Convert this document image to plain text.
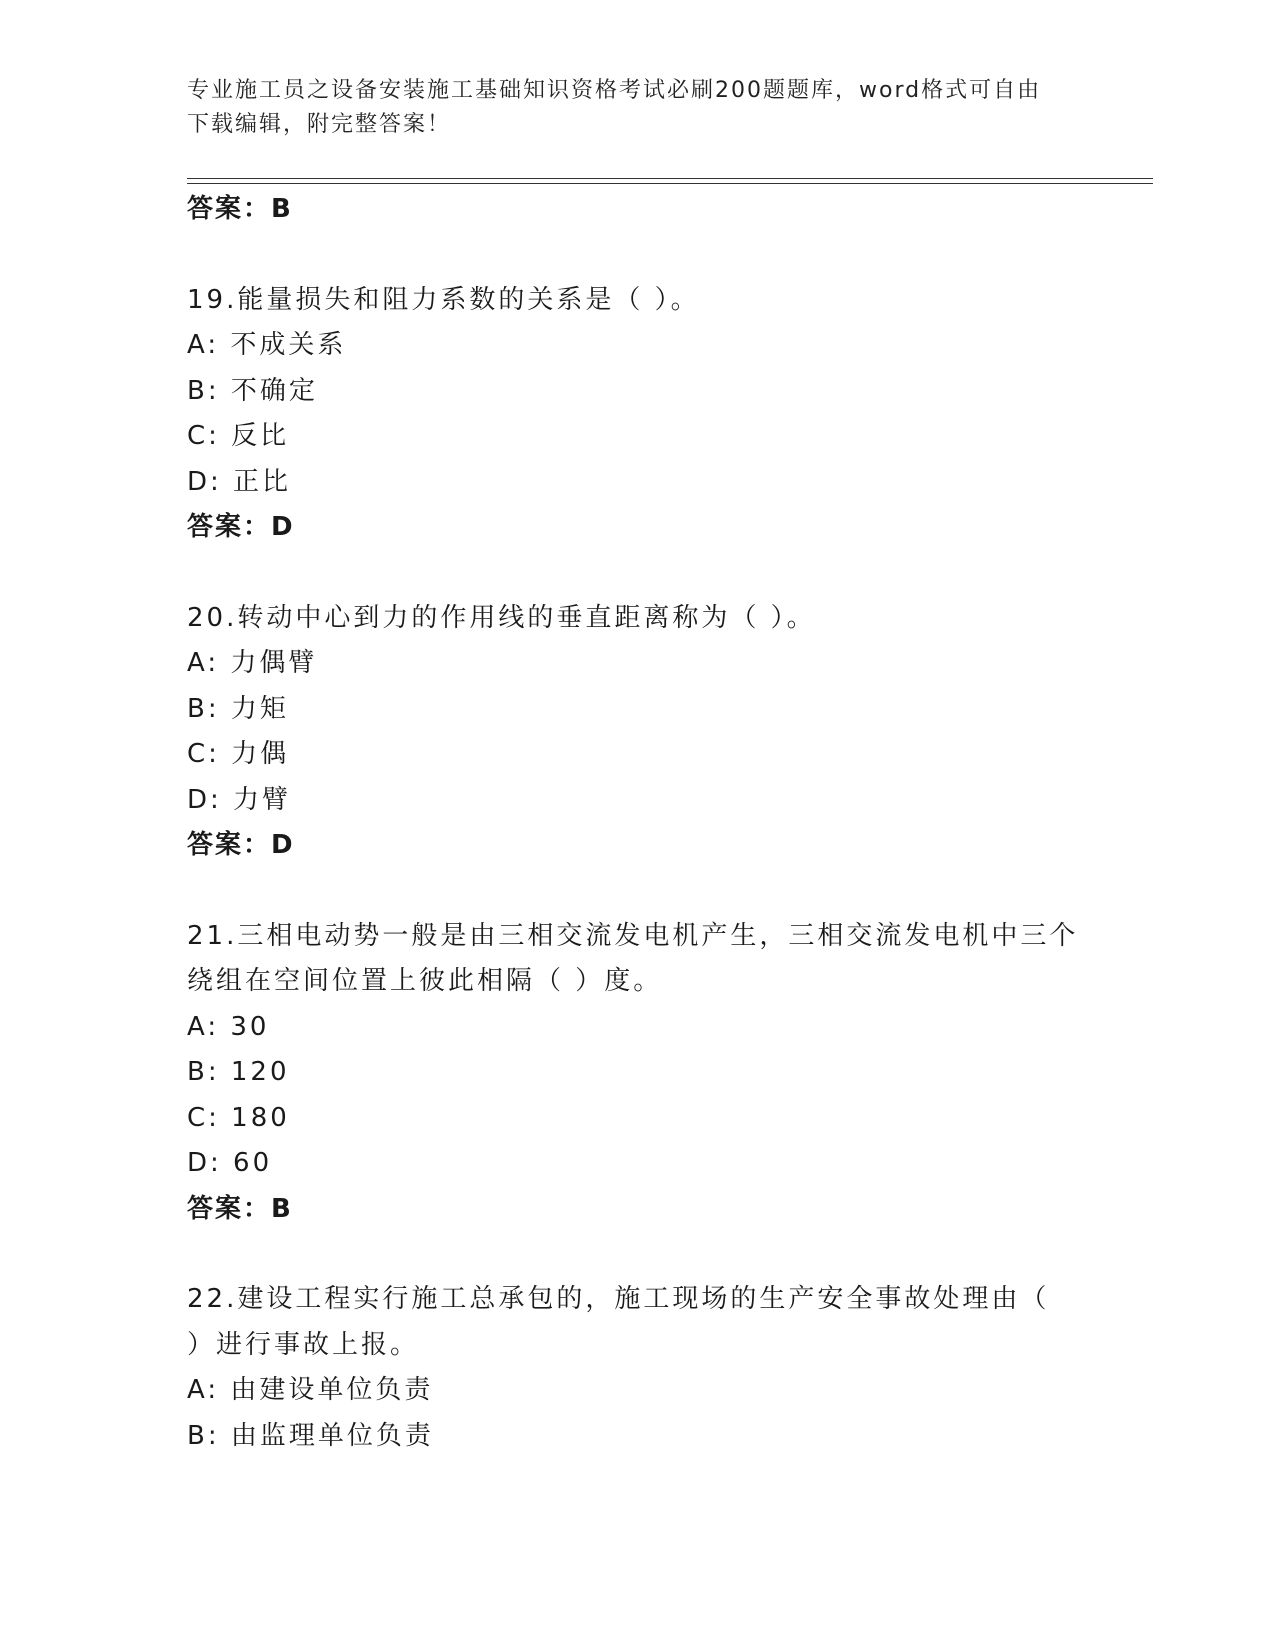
专业施工员之设备安装施工基础知识资格考试必刷200题题库，word格式可自由
下载编辑，附完整答案！
答案：B
19.能量损失和阻力系数的关系是（ ）。
A: 不成关系
B: 不确定
C: 反比
D: 正比
答案：D
20.转动中心到力的作用线的垂直距离称为（ ）。
A: 力偶臂
B: 力矩
C: 力偶
D: 力臂
答案：D
21.三相电动势一般是由三相交流发电机产生，三相交流发电机中三个
绕组在空间位置上彼此相隔（ ）度。
A: 30
B: 120
C: 180
D: 60
答案：B
22.建设工程实行施工总承包的，施工现场的生产安全事故处理由（
）进行事故上报。
A: 由建设单位负责
B: 由监理单位负责
